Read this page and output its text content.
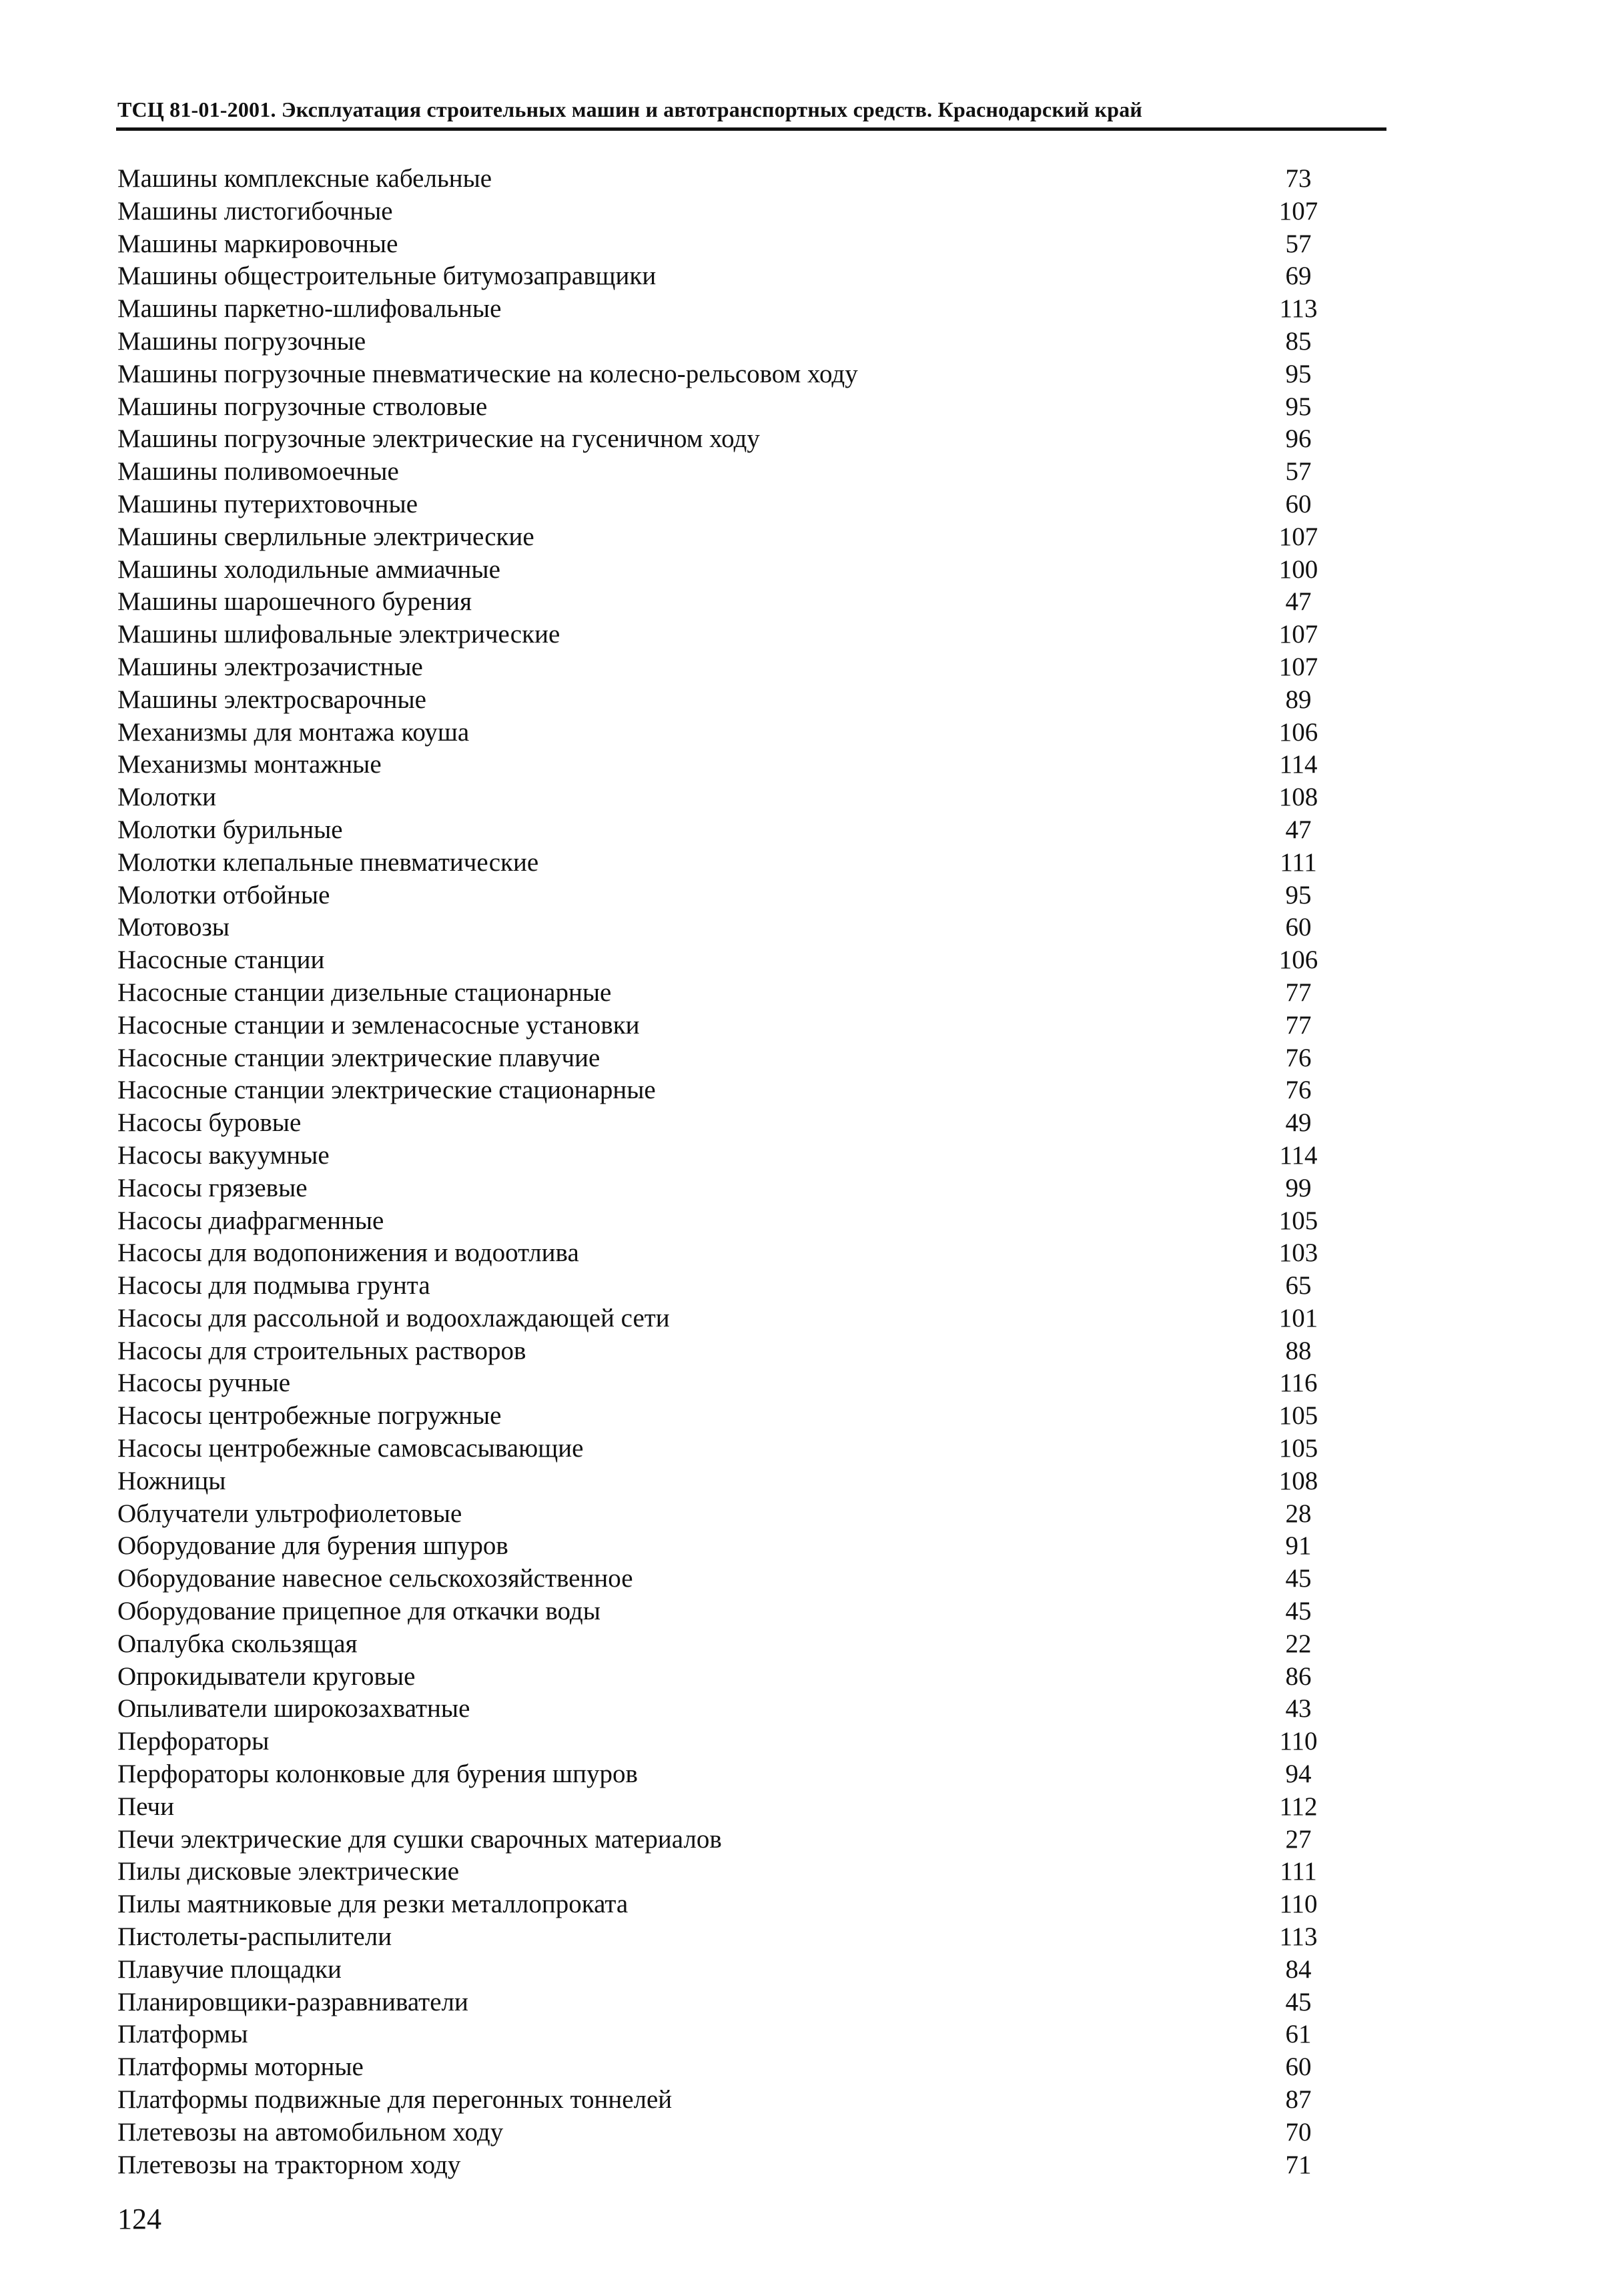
ТСЦ 81-01-2001. Эксплуатация строительных машин и автотранспортных средств. Краснодарский край
Машины комплексные кабельные	73
Машины листогибочные	107
Машины маркировочные	57
Машины общестроительные битумозаправщики	69
Машины паркетно-шлифовальные	113
Машины погрузочные	85
Машины погрузочные пневматические на колесно-рельсовом ходу	95
Машины погрузочные стволовые	95
Машины погрузочные электрические на гусеничном ходу	96
Машины поливомоечные	57
Машины путерихтовочные	60
Машины сверлильные электрические	107
Машины холодильные аммиачные	100
Машины шарошечного бурения	47
Машины шлифовальные электрические	107
Машины электрозачистные	107
Машины электросварочные	89
Механизмы для монтажа коуша	106
Механизмы монтажные	114
Молотки	108
Молотки бурильные	47
Молотки клепальные пневматические	111
Молотки отбойные	95
Мотовозы	60
Насосные станции	106
Насосные станции дизельные стационарные	77
Насосные станции и земленасосные установки	77
Насосные станции электрические плавучие	76
Насосные станции электрические стационарные	76
Насосы буровые	49
Насосы вакуумные	114
Насосы грязевые	99
Насосы диафрагменные	105
Насосы для водопонижения и водоотлива	103
Насосы для подмыва грунта	65
Насосы для рассольной и водоохлаждающей сети	101
Насосы для строительных растворов	88
Насосы ручные	116
Насосы центробежные погружные	105
Насосы центробежные самовсасывающие	105
Ножницы	108
Облучатели ультрофиолетовые	28
Оборудование для бурения шпуров	91
Оборудование навесное сельскохозяйственное	45
Оборудование прицепное для откачки воды	45
Опалубка скользящая	22
Опрокидыватели круговые	86
Опыливатели широкозахватные	43
Перфораторы	110
Перфораторы колонковые для бурения шпуров	94
Печи	112
Печи электрические для сушки сварочных материалов	27
Пилы дисковые электрические	111
Пилы маятниковые для резки металлопроката	110
Пистолеты-распылители	113
Плавучие площадки	84
Планировщики-разравниватели	45
Платформы	61
Платформы моторные	60
Платформы подвижные для перегонных тоннелей	87
Плетевозы на автомобильном ходу	70
Плетевозы на тракторном ходу	71
124
